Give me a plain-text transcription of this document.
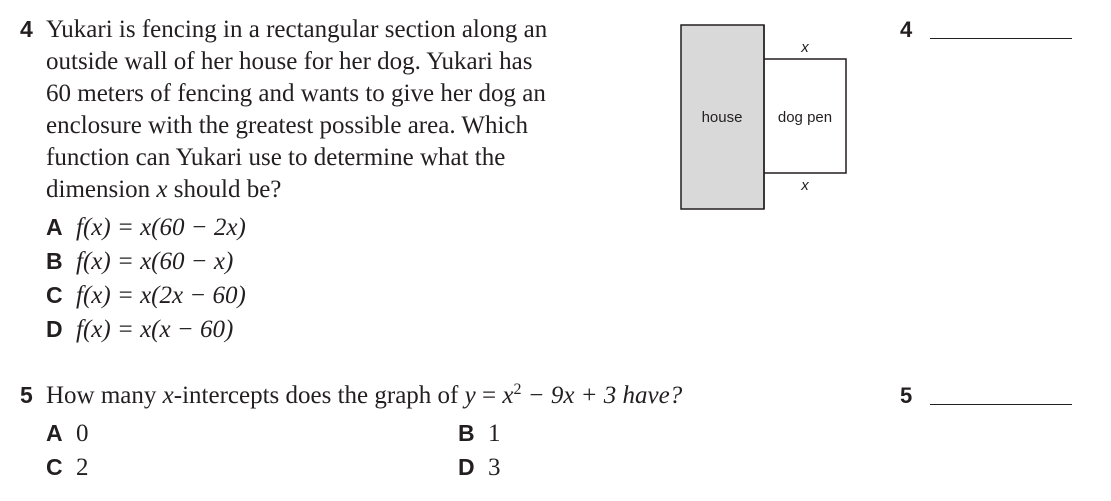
4 Yukari is fencing in a rectangular section along an
outside wall of her house for her dog. Yukari has
60 meters of fencing and wants to give her dog an
enclosure with the greatest possible area. Which
function can Yukari use to determine what the
dimension x should be?
A f(x) = x(60 − 2x)
B f(x) = x(60 − x)
C f(x) = x(2x − 60)
D f(x) = x(x − 60)
house dog pen
x
x
4
5 How many x-intercepts does the graph of $y = x^2 - 9x + 3$ have?
A 0	B 1
C 2	D 3
5
